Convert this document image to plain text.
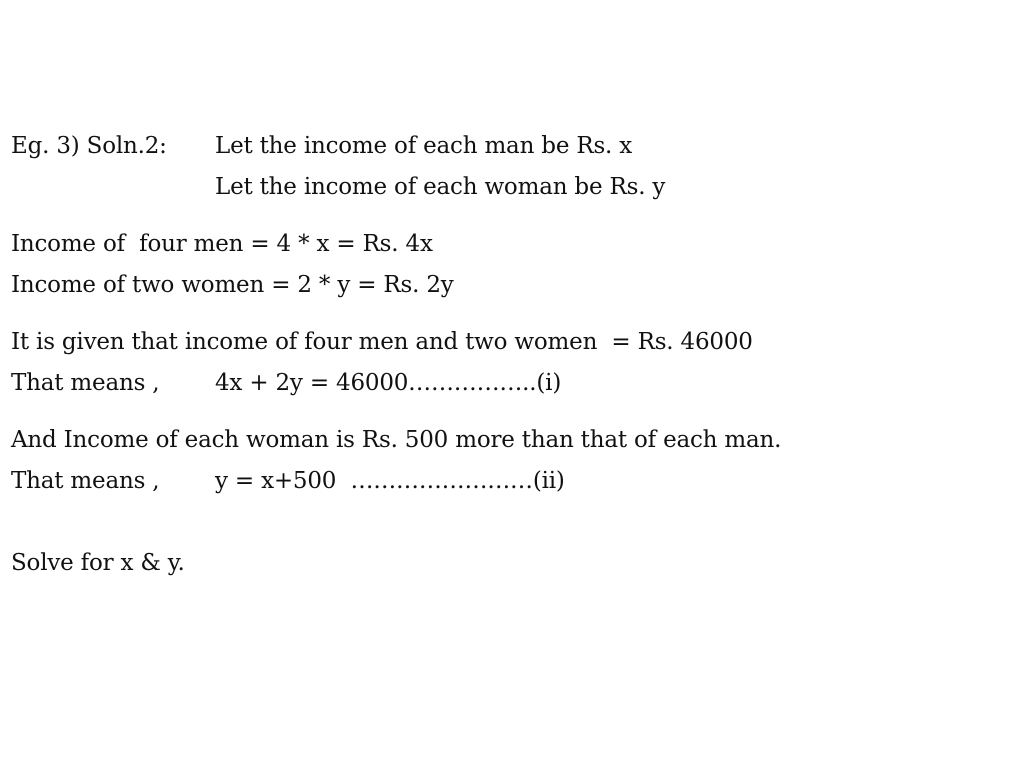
Eg. 3) Soln.2: Let the income of each man be Rs. x
Let the income of each woman be Rs. y
Income of  four men = 4 * x = Rs. 4x
Income of two women = 2 * y = Rs. 2y
It is given that income of four men and two women  = Rs. 46000
That means , 4x + 2y = 46000……………..(i)
And Income of each woman is Rs. 500 more than that of each man.
That means , y = x+500  ……………………(ii)
Solve for x & y.
